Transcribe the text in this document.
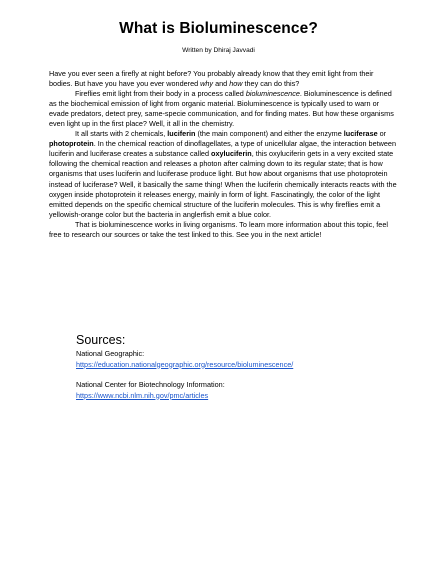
What is Bioluminescence?
Written by Dhiraj Javvadi

Have you ever seen a firefly at night before? You probably already know that they emit light from their bodies. But have you have you ever wondered why and how they can do this?

Fireflies emit light from their body in a process called bioluminescence. Bioluminescence is defined as the biochemical emission of light from organic material. Bioluminescence is typically used to warn or evade predators, detect prey, same-specie communication, and for finding mates. But how these organisms even light up in the first place? Well, it all in the chemistry.

It all starts with 2 chemicals, luciferin (the main component) and either the enzyme luciferase or photoprotein. In the chemical reaction of dinoflagellates, a type of unicellular algae, the interaction between luciferin and luciferase creates a substance called oxyluciferin, this oxyluciferin gets in a very excited state following the chemical reaction and releases a photon after calming down to its regular state; that is how organisms that uses luciferin and luciferase produce light. But how about organisms that use photoprotein instead of luciferase? Well, it basically the same thing! When the luciferin chemically interacts reacts with the oxygen inside photoprotein it releases energy, mainly in form of light. Fascinatingly, the color of the light emitted depends on the specific chemical structure of the luciferin molecules. This is why fireflies emit a yellowish-orange color but the bacteria in anglerfish emit a blue color.

That is bioluminescence works in living organisms. To learn more information about this topic, feel free to research our sources or take the test linked to this. See you in the next article!

Sources:
National Geographic:
https://education.nationalgeographic.org/resource/bioluminescence/
National Center for Biotechnology Information:
https://www.ncbi.nlm.nih.gov/pmc/articles
